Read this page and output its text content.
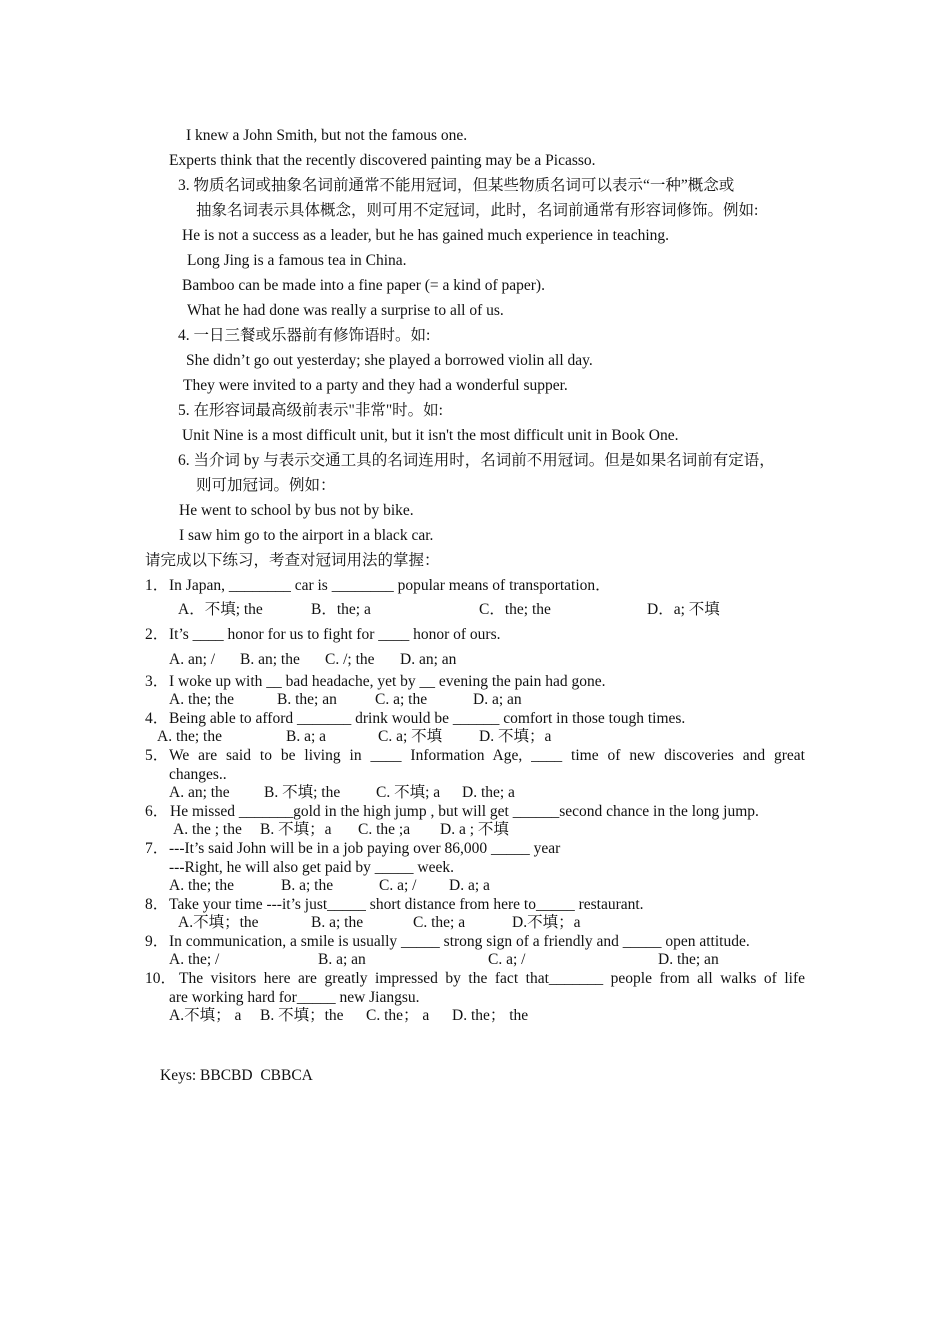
I knew a John Smith, but not the famous one.
Experts think that the recently discovered painting may be a Picasso.
3. 物质名词或抽象名词前通常不能用冠词，但某些物质名词可以表示“一种”概念或
抽象名词表示具体概念，则可用不定冠词，此时，名词前通常有形容词修饰。例如:
He is not a success as a leader, but he has gained much experience in teaching.
Long Jing is a famous tea in China.
Bamboo can be made into a fine paper (= a kind of paper).
What he had done was really a surprise to all of us.
4. 一日三餐或乐器前有修饰语时。如:
She didn’t go out yesterday; she played a borrowed violin all day.
They were invited to a party and they had a wonderful supper.
5. 在形容词最高级前表示"非常"时。如:
Unit Nine is a most difficult unit, but it isn't the most difficult unit in Book One.
6. 当介词 by 与表示交通工具的名词连用时，名词前不用冠词。但是如果名词前有定语，
则可加冠词。例如：
He went to school by bus not by bike.
I saw him go to the airport in a black car.
请完成以下练习，考查对冠词用法的掌握：
1． In Japan, ________ car is ________ popular means of transportation．
A．不填; the	B．the; a	C．the; the	D．a; 不填
2． It’s ____ honor for us to fight for ____ honor of ours.
A. an; / B. an; the C. /; the D. an; an
3． I woke up with __ bad headache, yet by __ evening the pain had gone.
A. the; the	B. the; an C. a; the	D. a; an
4． Being able to afford _______ drink would be ______ comfort in those tough times.
A. the; the	B. a; a	C. a; 不填 D. 不填；a
5． We are said to be living in ____ Information Age, ____ time of new discoveries and great
changes..
A. an; the B. 不填; the C. 不填; a D. the; a
6． He missed _______gold in the high jump , but will get ______second chance in the long jump.
A. the ; the B. 不填；a C. the ;a D. a ; 不填
7． ---It’s said John will be in a job paying over 86,000 _____ year
---Right, he will also get paid by _____ week.
A. the; the	B. a; the	C. a; / D. a; a
8． Take your time ---it’s just_____ short distance from here to_____ restaurant.
A.不填；the	B. a; the	C. the; a	D.不填；a
9． In communication, a smile is usually _____ strong sign of a friendly and _____ open attitude.
A. the; /	B. a; an	C. a; /	D. the; an
10． The visitors here are greatly impressed by the fact that_______ people from all walks of life
are working hard for_____ new Jiangsu.
A.不填； a B. 不填；the C. the； a D. the； the
Keys: BBCBD  CBBCA
